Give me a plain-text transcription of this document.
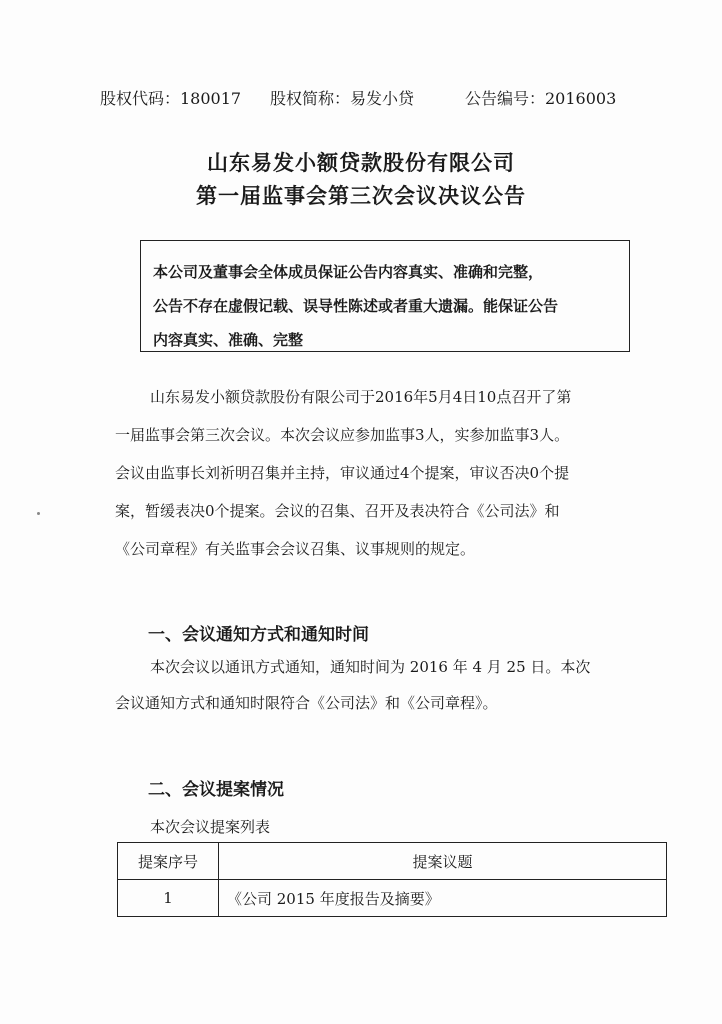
股权代码：180017 股权简称：易发小贷	公告编号：2016003
山东易发小额贷款股份有限公司
第一届监事会第三次会议决议公告
本公司及董事会全体成员保证公告内容真实、准确和完整，
公告不存在虚假记载、误导性陈述或者重大遗漏。能保证公告
内容真实、准确、完整
山东易发小额贷款股份有限公司于2016年5月4日10点召开了第
一届监事会第三次会议。本次会议应参加监事3人，实参加监事3人。
会议由监事长刘祈明召集并主持，审议通过4个提案，审议否决0个提
案，暂缓表决0个提案。会议的召集、召开及表决符合《公司法》和
《公司章程》有关监事会会议召集、议事规则的规定。
一、会议通知方式和通知时间
本次会议以通讯方式通知，通知时间为 2016 年 4 月 25 日。本次
会议通知方式和通知时限符合《公司法》和《公司章程》。
二、会议提案情况
本次会议提案列表
提案序号	提案议题
1	《公司 2015 年度报告及摘要》
